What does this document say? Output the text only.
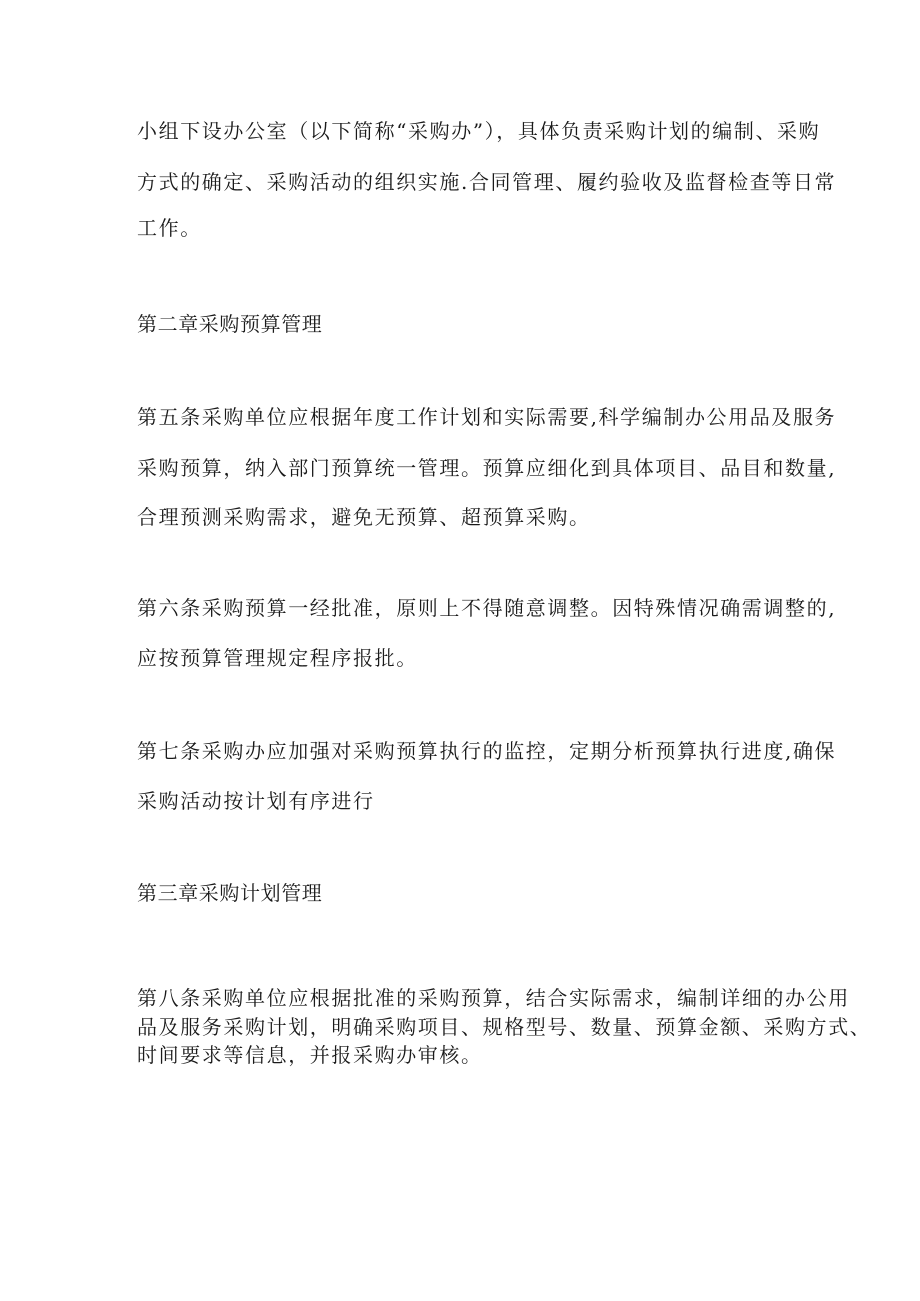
小组下设办公室（以下简称“采购办”），具体负责采购计划的编制、采购
方式的确定、采购活动的组织实施.合同管理、履约验收及监督检查等日常
工作。
第二章采购预算管理
第五条采购单位应根据年度工作计划和实际需要,科学编制办公用品及服务
采购预算，纳入部门预算统一管理。预算应细化到具体项目、品目和数量,
合理预测采购需求，避免无预算、超预算采购。
第六条采购预算一经批准，原则上不得随意调整。因特殊情况确需调整的,
应按预算管理规定程序报批。
第七条采购办应加强对采购预算执行的监控，定期分析预算执行进度,确保
采购活动按计划有序进行
第三章采购计划管理
第八条采购单位应根据批准的采购预算，结合实际需求，编制详细的办公用
品及服务采购计划，明确采购项目、规格型号、数量、预算金额、采购方式、
时间要求等信息，并报采购办审核。
